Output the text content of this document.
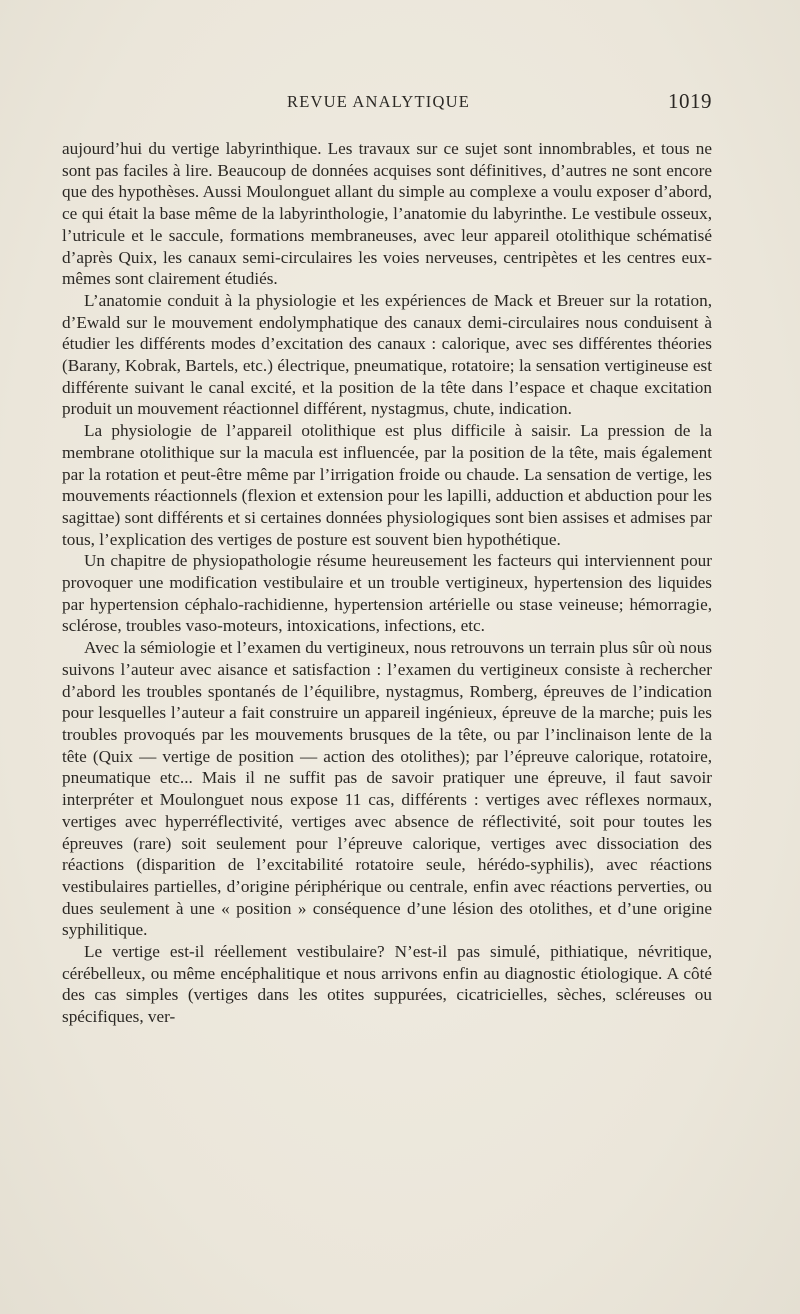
REVUE ANALYTIQUE	1019

aujourd’hui du vertige labyrinthique. Les travaux sur ce sujet sont innombrables, et tous ne sont pas faciles à lire. Beaucoup de données acquises sont définitives, d’autres ne sont encore que des hypothèses. Aussi Moulonguet allant du simple au complexe a voulu exposer d’abord, ce qui était la base même de la labyrinthologie, l’anatomie du labyrinthe. Le vestibule osseux, l’utricule et le saccule, formations membraneuses, avec leur appareil otolithique schématisé d’après Quix, les canaux semi-circulaires les voies nerveuses, centripètes et les centres eux-mêmes sont clairement étudiés.

L’anatomie conduit à la physiologie et les expériences de Mack et Breuer sur la rotation, d’Ewald sur le mouvement endolymphatique des canaux demi-circulaires nous conduisent à étudier les différents modes d’excitation des canaux : calorique, avec ses différentes théories (Barany, Kobrak, Bartels, etc.) électrique, pneumatique, rotatoire; la sensation vertigineuse est différente suivant le canal excité, et la position de la tête dans l’espace et chaque excitation produit un mouvement réactionnel différent, nystagmus, chute, indication.

La physiologie de l’appareil otolithique est plus difficile à saisir. La pression de la membrane otolithique sur la macula est influencée, par la position de la tête, mais également par la rotation et peut-être même par l’irrigation froide ou chaude. La sensation de vertige, les mouvements réactionnels (flexion et extension pour les lapilli, adduction et abduction pour les sagittae) sont différents et si certaines données physiologiques sont bien assises et admises par tous, l’explication des vertiges de posture est souvent bien hypothétique.

Un chapitre de physiopathologie résume heureusement les facteurs qui interviennent pour provoquer une modification vestibulaire et un trouble vertigineux, hypertension des liquides par hypertension céphalo-rachidienne, hypertension artérielle ou stase veineuse; hémorragie, sclérose, troubles vaso-moteurs, intoxications, infections, etc.

Avec la sémiologie et l’examen du vertigineux, nous retrouvons un terrain plus sûr où nous suivons l’auteur avec aisance et satisfaction : l’examen du vertigineux consiste à rechercher d’abord les troubles spontanés de l’équilibre, nystagmus, Romberg, épreuves de l’indication pour lesquelles l’auteur a fait construire un appareil ingénieux, épreuve de la marche; puis les troubles provoqués par les mouvements brusques de la tête, ou par l’inclinaison lente de la tête (Quix — vertige de position — action des otolithes); par l’épreuve calorique, rotatoire, pneumatique etc... Mais il ne suffit pas de savoir pratiquer une épreuve, il faut savoir interpréter et Moulonguet nous expose 11 cas, différents : vertiges avec réflexes normaux, vertiges avec hyperréflectivité, vertiges avec absence de réflectivité, soit pour toutes les épreuves (rare) soit seulement pour l’épreuve calorique, vertiges avec dissociation des réactions (disparition de l’excitabilité rotatoire seule, hérédo-syphilis), avec réactions vestibulaires partielles, d’origine périphérique ou centrale, enfin avec réactions perverties, ou dues seulement à une « position » conséquence d’une lésion des otolithes, et d’une origine syphilitique.

Le vertige est-il réellement vestibulaire? N’est-il pas simulé, pithiatique, névritique, cérébelleux, ou même encéphalitique et nous arrivons enfin au diagnostic étiologique. A côté des cas simples (vertiges dans les otites suppurées, cicatricielles, sèches, scléreuses ou spécifiques, ver-
